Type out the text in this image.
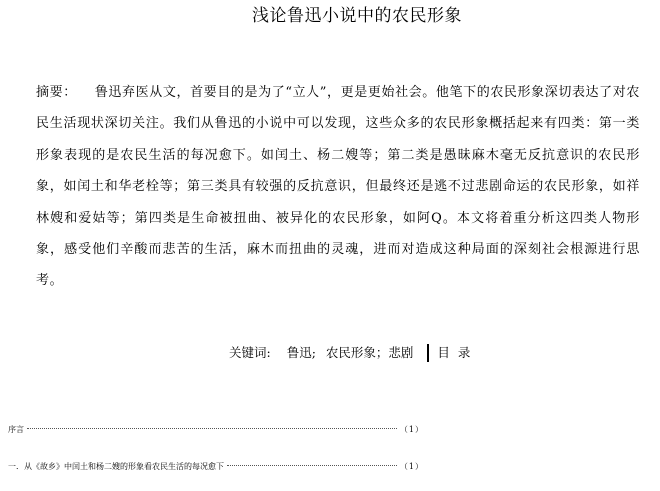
浅论鲁迅小说中的农民形象

摘要： 鲁迅弃医从文，首要目的是为了“立人”，更是更始社会。他笔下的农民形象深切表达了对农民生活现状深切关注。我们从鲁迅的小说中可以发现，这些众多的农民形象概括起来有四类：第一类形象表现的是农民生活的每况愈下。如闰土、杨二嫂等；第二类是愚昧麻木毫无反抗意识的农民形象，如闰土和华老栓等；第三类具有较强的反抗意识，但最终还是逃不过悲剧命运的农民形象，如祥林嫂和爱姑等；第四类是生命被扭曲、被异化的农民形象，如阿Q。本文将着重分析这四类人物形象，感受他们辛酸而悲苦的生活，麻木而扭曲的灵魂，进而对造成这种局面的深刻社会根源进行思考。

关键词: 鲁迅; 农民形象；悲剧 目录
序言	（1）
一．从《故乡》中闰土和杨二嫂的形象看农民生活的每况愈下	（1）
